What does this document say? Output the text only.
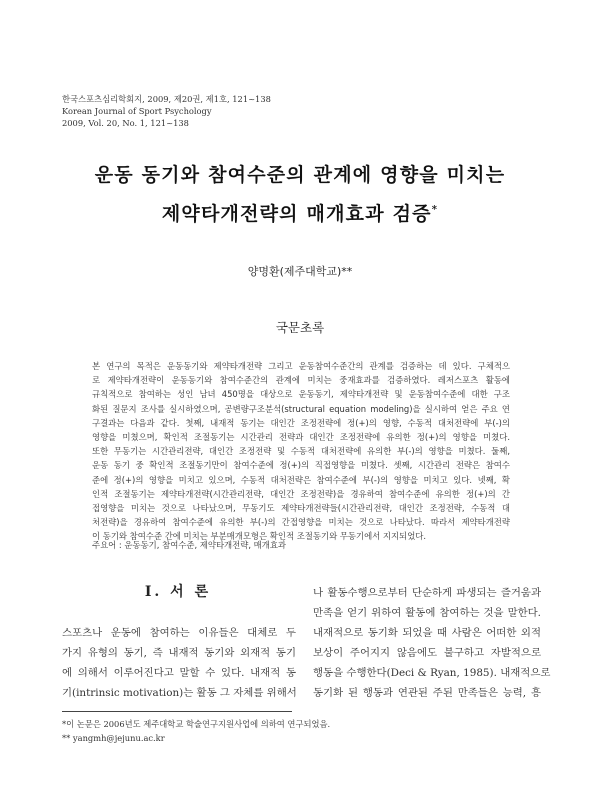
한국스포츠심리학회지, 2009, 제20권, 제1호, 121~138
Korean Journal of Sport Psychology
2009, Vol. 20, No. 1, 121~138
운동 동기와 참여수준의 관계에 영향을 미치는
제약타개전략의 매개효과 검증*
양명환(제주대학교)**
국문초록
본 연구의 목적은 운동동기와 제약타개전략 그리고 운동참여수준간의 관계를 검증하는 데 있다. 구체적으
로 제약타개전략이 운동동기와 참여수준간의 관계에 미치는 중재효과를 검증하였다. 레저스포츠 활동에
규칙적으로 참여하는 성인 남녀 450명을 대상으로 운동동기, 제약타개전략 및 운동참여수준에 대한 구조
화된 질문지 조사를 실시하였으며, 공변량구조분석(structural equation modeling)을 실시하여 얻은 주요 연
구결과는 다음과 같다. 첫째, 내재적 동기는 대인간 조정전략에 정(+)의 영향, 수동적 대처전략에 부(-)의
영향을 미쳤으며, 확인적 조절동기는 시간관리 전략과 대인간 조정전략에 유의한 정(+)의 영향을 미쳤다.
또한 무동기는 시간관리전략, 대인간 조정전략 및 수동적 대처전략에 유의한 부(-)의 영향을 미쳤다. 둘째,
운동 동기 중 확인적 조절동기만이 참여수준에 정(+)의 직접영향을 미쳤다. 셋째, 시간관리 전략은 참여수
준에 정(+)의 영향을 미치고 있으며, 수동적 대처전략은 참여수준에 부(-)의 영향을 미치고 있다. 넷째, 확
인적 조절동기는 제약타개전략(시간관리전략, 대인간 조정전략)을 경유하여 참여수준에 유의한 정(+)의 간
접영향을 미치는 것으로 나타났으며, 무동기도 제약타개전략들(시간관리전략, 대인간 조정전략, 수동적 대
처전략)을 경유하여 참여수준에 유의한 부(-)의 간접영향을 미치는 것으로 나타났다. 따라서 제약타개전략
이 동기와 참여수준 간에 미치는 부분매개모형은 확인적 조절동기와 무동기에서 지지되었다.
주요어 : 운동동기, 참여수준, 제약타개전략, 매개효과
Ⅰ. 서 론
스포츠나 운동에 참여하는 이유들은 대체로 두
가지 유형의 동기, 즉 내재적 동기와 외재적 동기
에 의해서 이루어진다고 말할 수 있다. 내재적 동
기(intrinsic motivation)는 활동 그 자체를 위해서
나 활동수행으로부터 단순하게 파생되는 즐거움과
만족을 얻기 위하여 활동에 참여하는 것을 말한다.
내재적으로 동기화 되었을 때 사람은 어떠한 외적
보상이 주어지지 않음에도 불구하고 자발적으로
행동을 수행한다(Deci & Ryan, 1985). 내재적으로
동기화 된 행동과 연관된 주된 만족들은 능력, 흥
*이 논문은 2006년도 제주대학교 학술연구지원사업에 의하여 연구되었음.
** yangmh@jejunu.ac.kr
